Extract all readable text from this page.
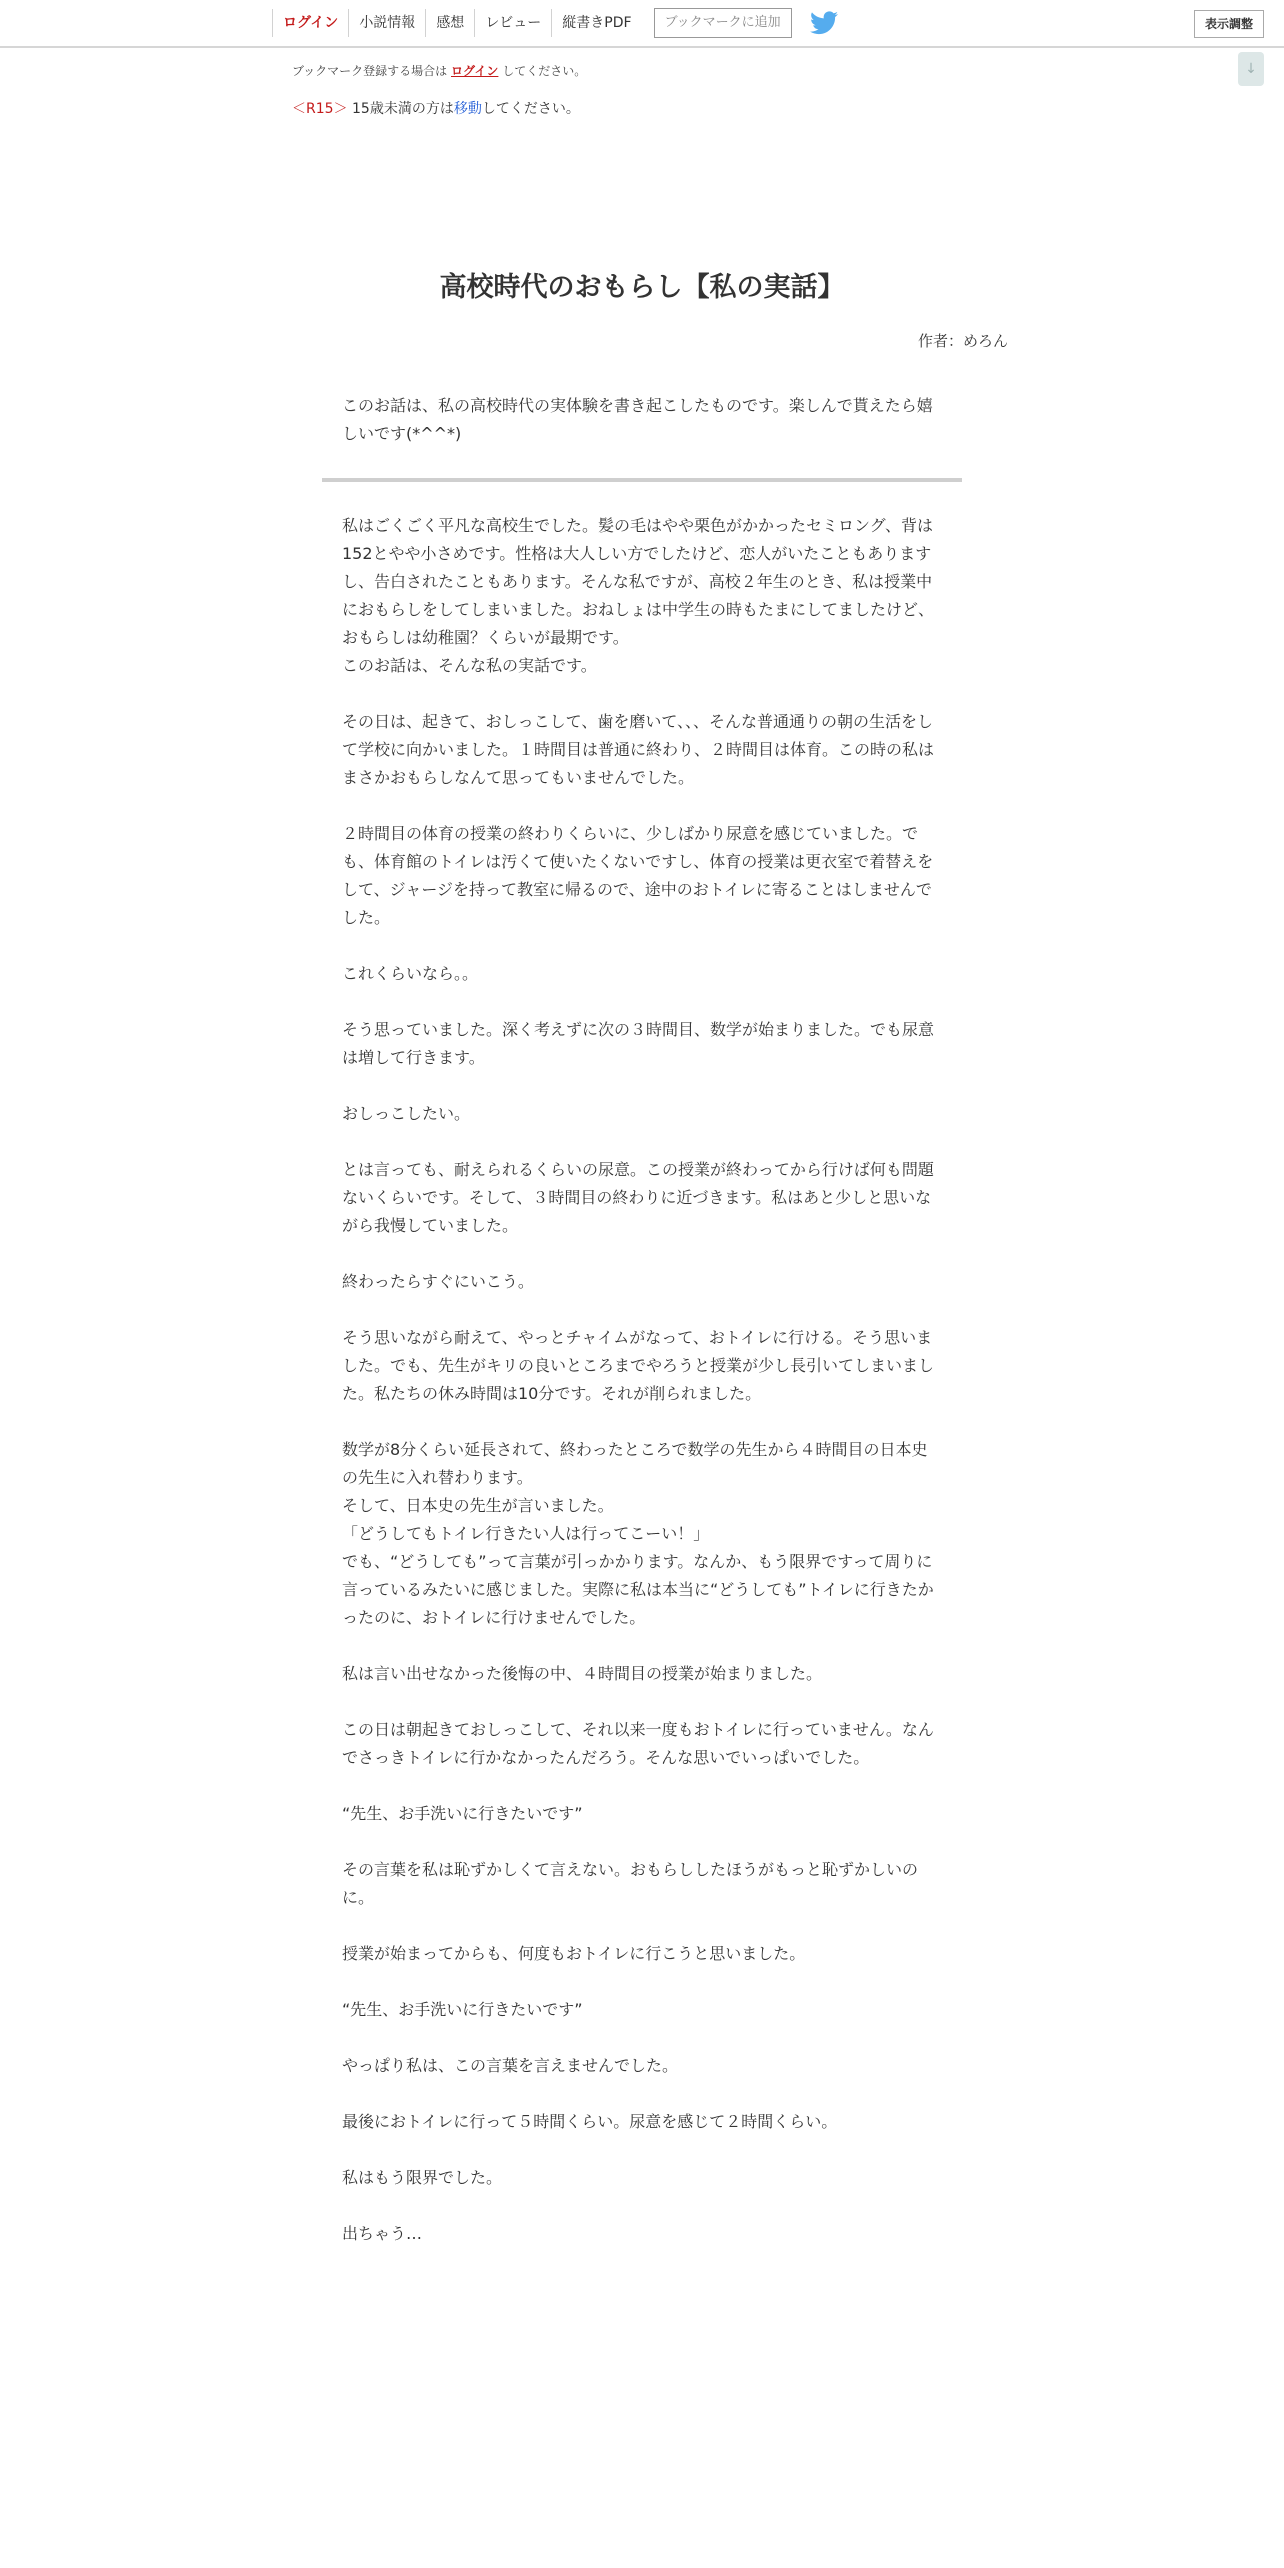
ログイン	小説情報	感想	レビュー	縦書きPDF	ブックマークに追加	表示調整
↓
ブックマーク登録する場合は ログイン してください。
＜R15＞ 15歳未満の方は移動してください。
高校時代のおもらし【私の実話】
作者：めろん
このお話は、私の高校時代の実体験を書き起こしたものです。楽しんで貰えたら嬉しいです(*^^*)

私はごくごく平凡な高校生でした。髪の毛はやや栗色がかかったセミロング、背は152とやや小さめです。性格は大人しい方でしたけど、恋人がいたこともありますし、告白されたこともあります。そんな私ですが、高校２年生のとき、私は授業中におもらしをしてしまいました。おねしょは中学生の時もたまにしてましたけど、おもらしは幼稚園？くらいが最期です。
このお話は、そんな私の実話です。

その日は、起きて、おしっこして、歯を磨いて、、、そんな普通通りの朝の生活をして学校に向かいました。１時間目は普通に終わり、２時間目は体育。この時の私はまさかおもらしなんて思ってもいませんでした。

２時間目の体育の授業の終わりくらいに、少しばかり尿意を感じていました。でも、体育館のトイレは汚くて使いたくないですし、体育の授業は更衣室で着替えをして、ジャージを持って教室に帰るので、途中のおトイレに寄ることはしませんでした。

これくらいなら。。

そう思っていました。深く考えずに次の３時間目、数学が始まりました。でも尿意は増して行きます。

おしっこしたい。

とは言っても、耐えられるくらいの尿意。この授業が終わってから行けば何も問題ないくらいです。そして、３時間目の終わりに近づきます。私はあと少しと思いながら我慢していました。

終わったらすぐにいこう。

そう思いながら耐えて、やっとチャイムがなって、おトイレに行ける。そう思いました。でも、先生がキリの良いところまでやろうと授業が少し長引いてしまいました。私たちの休み時間は10分です。それが削られました。

数学が8分くらい延長されて、終わったところで数学の先生から４時間目の日本史の先生に入れ替わります。
そして、日本史の先生が言いました。
「どうしてもトイレ行きたい人は行ってこーい！」
でも、“どうしても”って言葉が引っかかります。なんか、もう限界ですって周りに言っているみたいに感じました。実際に私は本当に“どうしても”トイレに行きたかったのに、おトイレに行けませんでした。

私は言い出せなかった後悔の中、４時間目の授業が始まりました。

この日は朝起きておしっこして、それ以来一度もおトイレに行っていません。なんでさっきトイレに行かなかったんだろう。そんな思いでいっぱいでした。

“先生、お手洗いに行きたいです”

その言葉を私は恥ずかしくて言えない。おもらししたほうがもっと恥ずかしいのに。

授業が始まってからも、何度もおトイレに行こうと思いました。

“先生、お手洗いに行きたいです”

やっぱり私は、この言葉を言えませんでした。

最後におトイレに行って５時間くらい。尿意を感じて２時間くらい。

私はもう限界でした。

出ちゃう…
